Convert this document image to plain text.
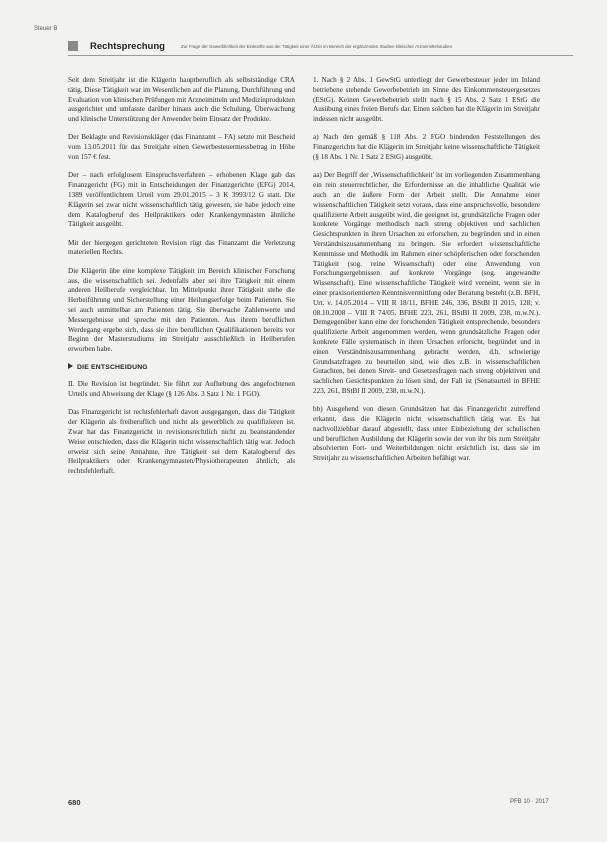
Steuer B
Rechtsprechung	Zur Frage der Gewerblichkeit der Einkünfte aus der Tätigkeit einer Ärztin im Bereich der ergänzenden Studien klinischer Arzneimittelstudien

Seit dem Streitjahr ist die Klägerin hauptberuflich als selbstständige CRA tätig. Diese Tätigkeit war im Wesentlichen auf die Planung, Durchführung und Evaluation von klinischen Prüfungen mit Arzneimitteln und Medizinprodukten ausgerichtet und umfasste darüber hinaus auch die Schulung, Überwachung und klinische Unterstützung der Anwender beim Einsatz der Produkte.

Der Beklagte und Revisionskläger (das Finanzamt – FA) setzte mit Bescheid vom 13.05.2011 für das Streitjahr einen Gewerbesteuermessbetrag in Höhe von 157 € fest.

Der – nach erfolglosem Einspruchsverfahren – erhobenen Klage gab das Finanzgericht (FG) mit in Entscheidungen der Finanzgerichte (EFG) 2014, 1389 veröffentlichtem Urteil vom 29.01.2015 – 3 K 3993/12 G statt. Die Klägerin sei zwar nicht wissenschaftlich tätig gewesen, sie habe jedoch eine dem Katalogberuf des Heilpraktikers oder Krankengymnasten ähnliche Tätigkeit ausgeübt.

Mit der hiergegen gerichteten Revision rügt das Finanzamt die Verletzung materiellen Rechts.

Die Klägerin übe eine komplexe Tätigkeit im Bereich klinischer Forschung aus, die wissenschaftlich sei. Jedenfalls aber sei ihre Tätigkeit mit einem anderen Heilberufe vergleichbar. Im Mittelpunkt ihrer Tätigkeit stehe die Herbeiführung und Sicherstellung einer Heilungserfolge beim Patienten. Sie sei auch unmittelbar am Patienten tätig. Sie überwache Zahlenwerte und Messergebnisse und spreche mit den Patienten. Aus ihrem beruflichen Werdegang ergebe sich, dass sie ihre beruflichen Qualifikationen bereits vor Beginn der Masterstudiums im Streitjahr ausschließlich in Heilberufen erworben habe.

DIE ENTSCHEIDUNG

II. Die Revision ist begründet. Sie führt zur Aufhebung des angefochtenen Urteils und Abweisung der Klage (§ 126 Abs. 3 Satz 1 Nr. 1 FGO).

Das Finanzgericht ist rechtsfehlerhaft davon ausgegangen, dass die Tätigkeit der Klägerin als freiberuflich und nicht als gewerblich zu qualifizieren ist. Zwar hat das Finanzgericht in revisionsrechtlich nicht zu beanstandender Weise entschieden, dass die Klägerin nicht wissenschaftlich tätig war. Jedoch erweist sich seine Annahme, ihre Tätigkeit sei dem Katalogberuf des Heilpraktikers oder Krankengymnasten/Physiotherapeuten ähnlich, als rechtsfehlerhaft.

1. Nach § 2 Abs. 1 GewStG unterliegt der Gewerbesteuer jeder im Inland betriebene stehende Gewerbebetrieb im Sinne des Einkommensteuergesetzes (EStG). Keinen Gewerbebetrieb stellt nach § 15 Abs. 2 Satz 1 EStG die Ausübung eines freien Berufs dar. Einen solchen hat die Klägerin im Streitjahr indessen nicht ausgeübt.

a) Nach den gemäß § 118 Abs. 2 FGO bindenden Feststellungen des Finanzgerichts hat die Klägerin im Streitjahr keine wissenschaftliche Tätigkeit (§ 18 Abs. 1 Nr. 1 Satz 2 EStG) ausgeübt.

aa) Der Begriff der ‚Wissenschaftlichkeit' ist im vorliegenden Zusammenhang ein rein steuerrechtlicher, die Erfordernisse an die inhaltliche Qualität wie auch an die äußere Form der Arbeit stellt. Die Annahme einer wissenschaftlichen Tätigkeit setzt voraus, dass eine anspruchsvolle, besondere qualifizierte Arbeit ausgeübt wird, die geeignet ist, grundsätzliche Fragen oder konkrete Vorgänge methodisch nach streng objektiven und sachlichen Gesichtspunkten in ihren Ursachen zu erforschen, zu begründen und in einen Verständniszusammenhang zu bringen. Sie erfordert wissenschaftliche Kenntnisse und Methodik im Rahmen einer schöpferischen oder forschenden Tätigkeit (sog. reine Wissenschaft) oder eine Anwendung von Forschungsergebnissen auf konkrete Vorgänge (sog. angewandte Wissenschaft). Eine wissenschaftliche Tätigkeit wird verneint, wenn sie in einer praxisorientierten Kenntnisvermittlung oder Beratung besteht (z.B. BFH, Urt. v. 14.05.2014 – VIII R 18/11, BFHE 246, 336, BStBl II 2015, 128; v. 08.10.2008 – VIII R 74/05, BFHE 223, 261, BStBl II 2009, 238, m.w.N.). Demgegenüber kann eine der forschenden Tätigkeit entsprechende, besonders qualifizierte Arbeit angenommen werden, wenn grundsätzliche Fragen oder konkrete Fälle systematisch in ihren Ursachen erforscht, begründet und in einen Verständniszusammenhang gebracht werden, d.h. schwierige Grundsatzfragen zu beurteilen sind, wie dies z.B. in wissenschaftlichen Gutachten, bei denen Streit- und Gesetzesfragen nach streng objektiven und sachlichen Gesichtspunkten zu lösen sind, der Fall ist (Senatsurteil in BFHE 223, 261, BStBl II 2009, 238, m.w.N.).

bb) Ausgehend von diesen Grundsätzen hat das Finanzgericht zutreffend erkannt, dass die Klägerin nicht wissenschaftlich tätig war. Es hat nachvollziehbar darauf abgestellt, dass unter Einbeziehung der schulischen und beruflichen Ausbildung der Klägerin sowie der von ihr bis zum Streitjahr absolvierten Fort- und Weiterbildungen nicht ersichtlich ist, dass sie im Streitjahr zu wissenschaftlichen Arbeiten befähigt war.

680	PFB 10 · 2017
